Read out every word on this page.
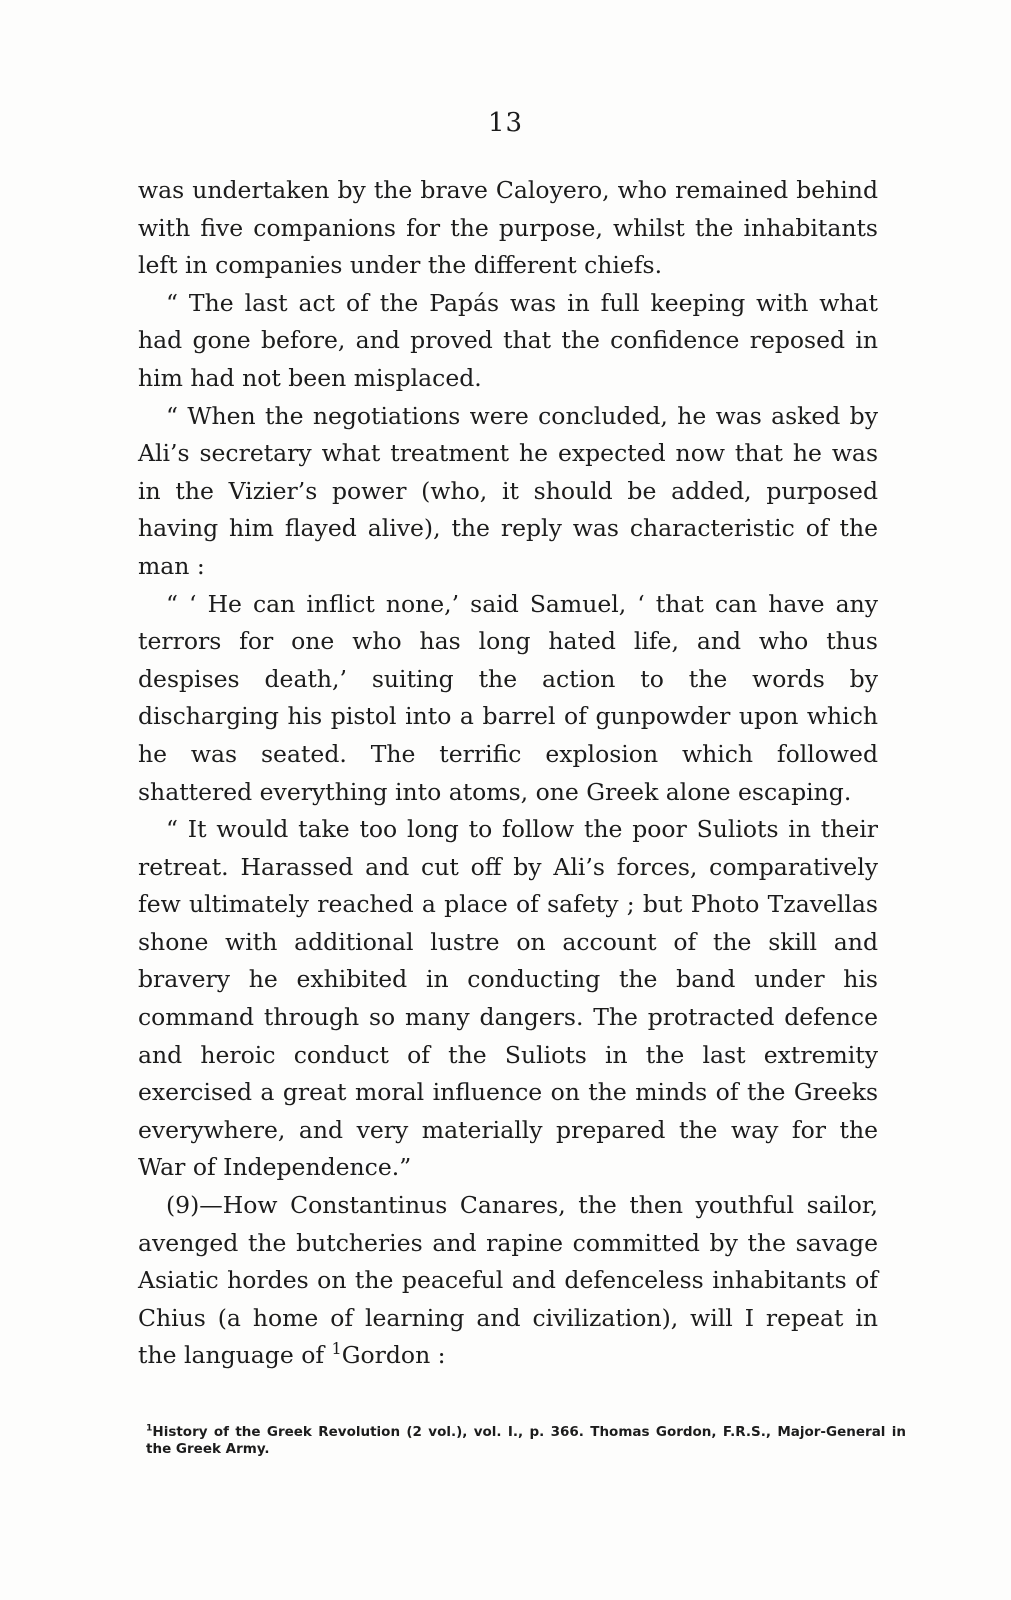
13

was undertaken by the brave Caloyero, who remained behind with five companions for the purpose, whilst the inhabitants left in companies under the different chiefs.

“ The last act of the Papás was in full keeping with what had gone before, and proved that the confidence reposed in him had not been misplaced.

“ When the negotiations were concluded, he was asked by Ali’s secretary what treatment he expected now that he was in the Vizier’s power (who, it should be added, purposed having him flayed alive), the reply was characteristic of the man :

“ ‘ He can inflict none,’ said Samuel, ‘ that can have any terrors for one who has long hated life, and who thus despises death,’ suiting the action to the words by discharging his pistol into a barrel of gunpowder upon which he was seated. The terrific explosion which followed shattered everything into atoms, one Greek alone escaping.

“ It would take too long to follow the poor Suliots in their retreat. Harassed and cut off by Ali’s forces, comparatively few ultimately reached a place of safety ; but Photo Tzavellas shone with additional lustre on account of the skill and bravery he exhibited in conducting the band under his command through so many dangers. The protracted defence and heroic conduct of the Suliots in the last extremity exercised a great moral influence on the minds of the Greeks everywhere, and very materially prepared the way for the War of Independence.”

(9)—How Constantinus Canares, the then youthful sailor, avenged the butcheries and rapine committed by the savage Asiatic hordes on the peaceful and defenceless inhabitants of Chius (a home of learning and civilization), will I repeat in the language of $^1$Gordon :

$^1$History of the Greek Revolution (2 vol.), vol. I., p. 366. Thomas Gordon, F.R.S., Major-General in the Greek Army.
